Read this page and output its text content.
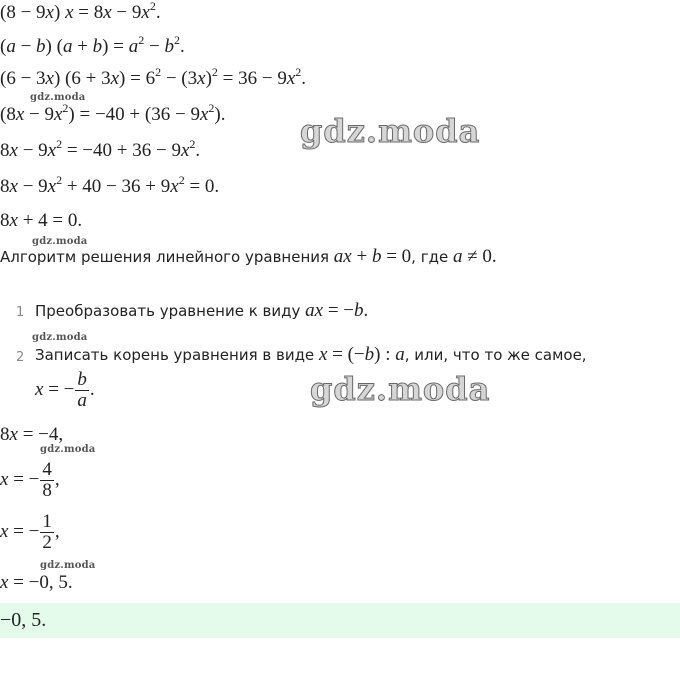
(8 − 9x) $x = 8x - 9x^2$.
(a − b) $(a + b) = a^2 - b^2$.
(6 − 3x) $(6 + 3x) = 6^2 - (3x)^2 = 36 - 9x^2$.
gdz.moda
$(8x - 9x^2) = -40 + (36 - 9x^2)$. gdz.moda
$8x - 9x^2 = -40 + 36 - 9x^2$.
$8x - 9x^2 + 40 - 36 + 9x^2 = 0$.
8x + 4 = 0.
gdz.moda
Алгоритм решения линейного уравнения ax + b = 0, где a ≠ 0.
1 Преобразовать уравнение к виду ax = −b.
gdz.moda
2 Записать корень уравнения в виде x = (−b) : a, или, что то же самое,
x = − $\frac{b}{a}$ .	gdz.moda
8x = −4,
gdz.moda
x = − $\frac{4}{8}$ ,
x = − $\frac{1}{2}$ ,
gdz.moda
x = −0, 5.
−0, 5.
